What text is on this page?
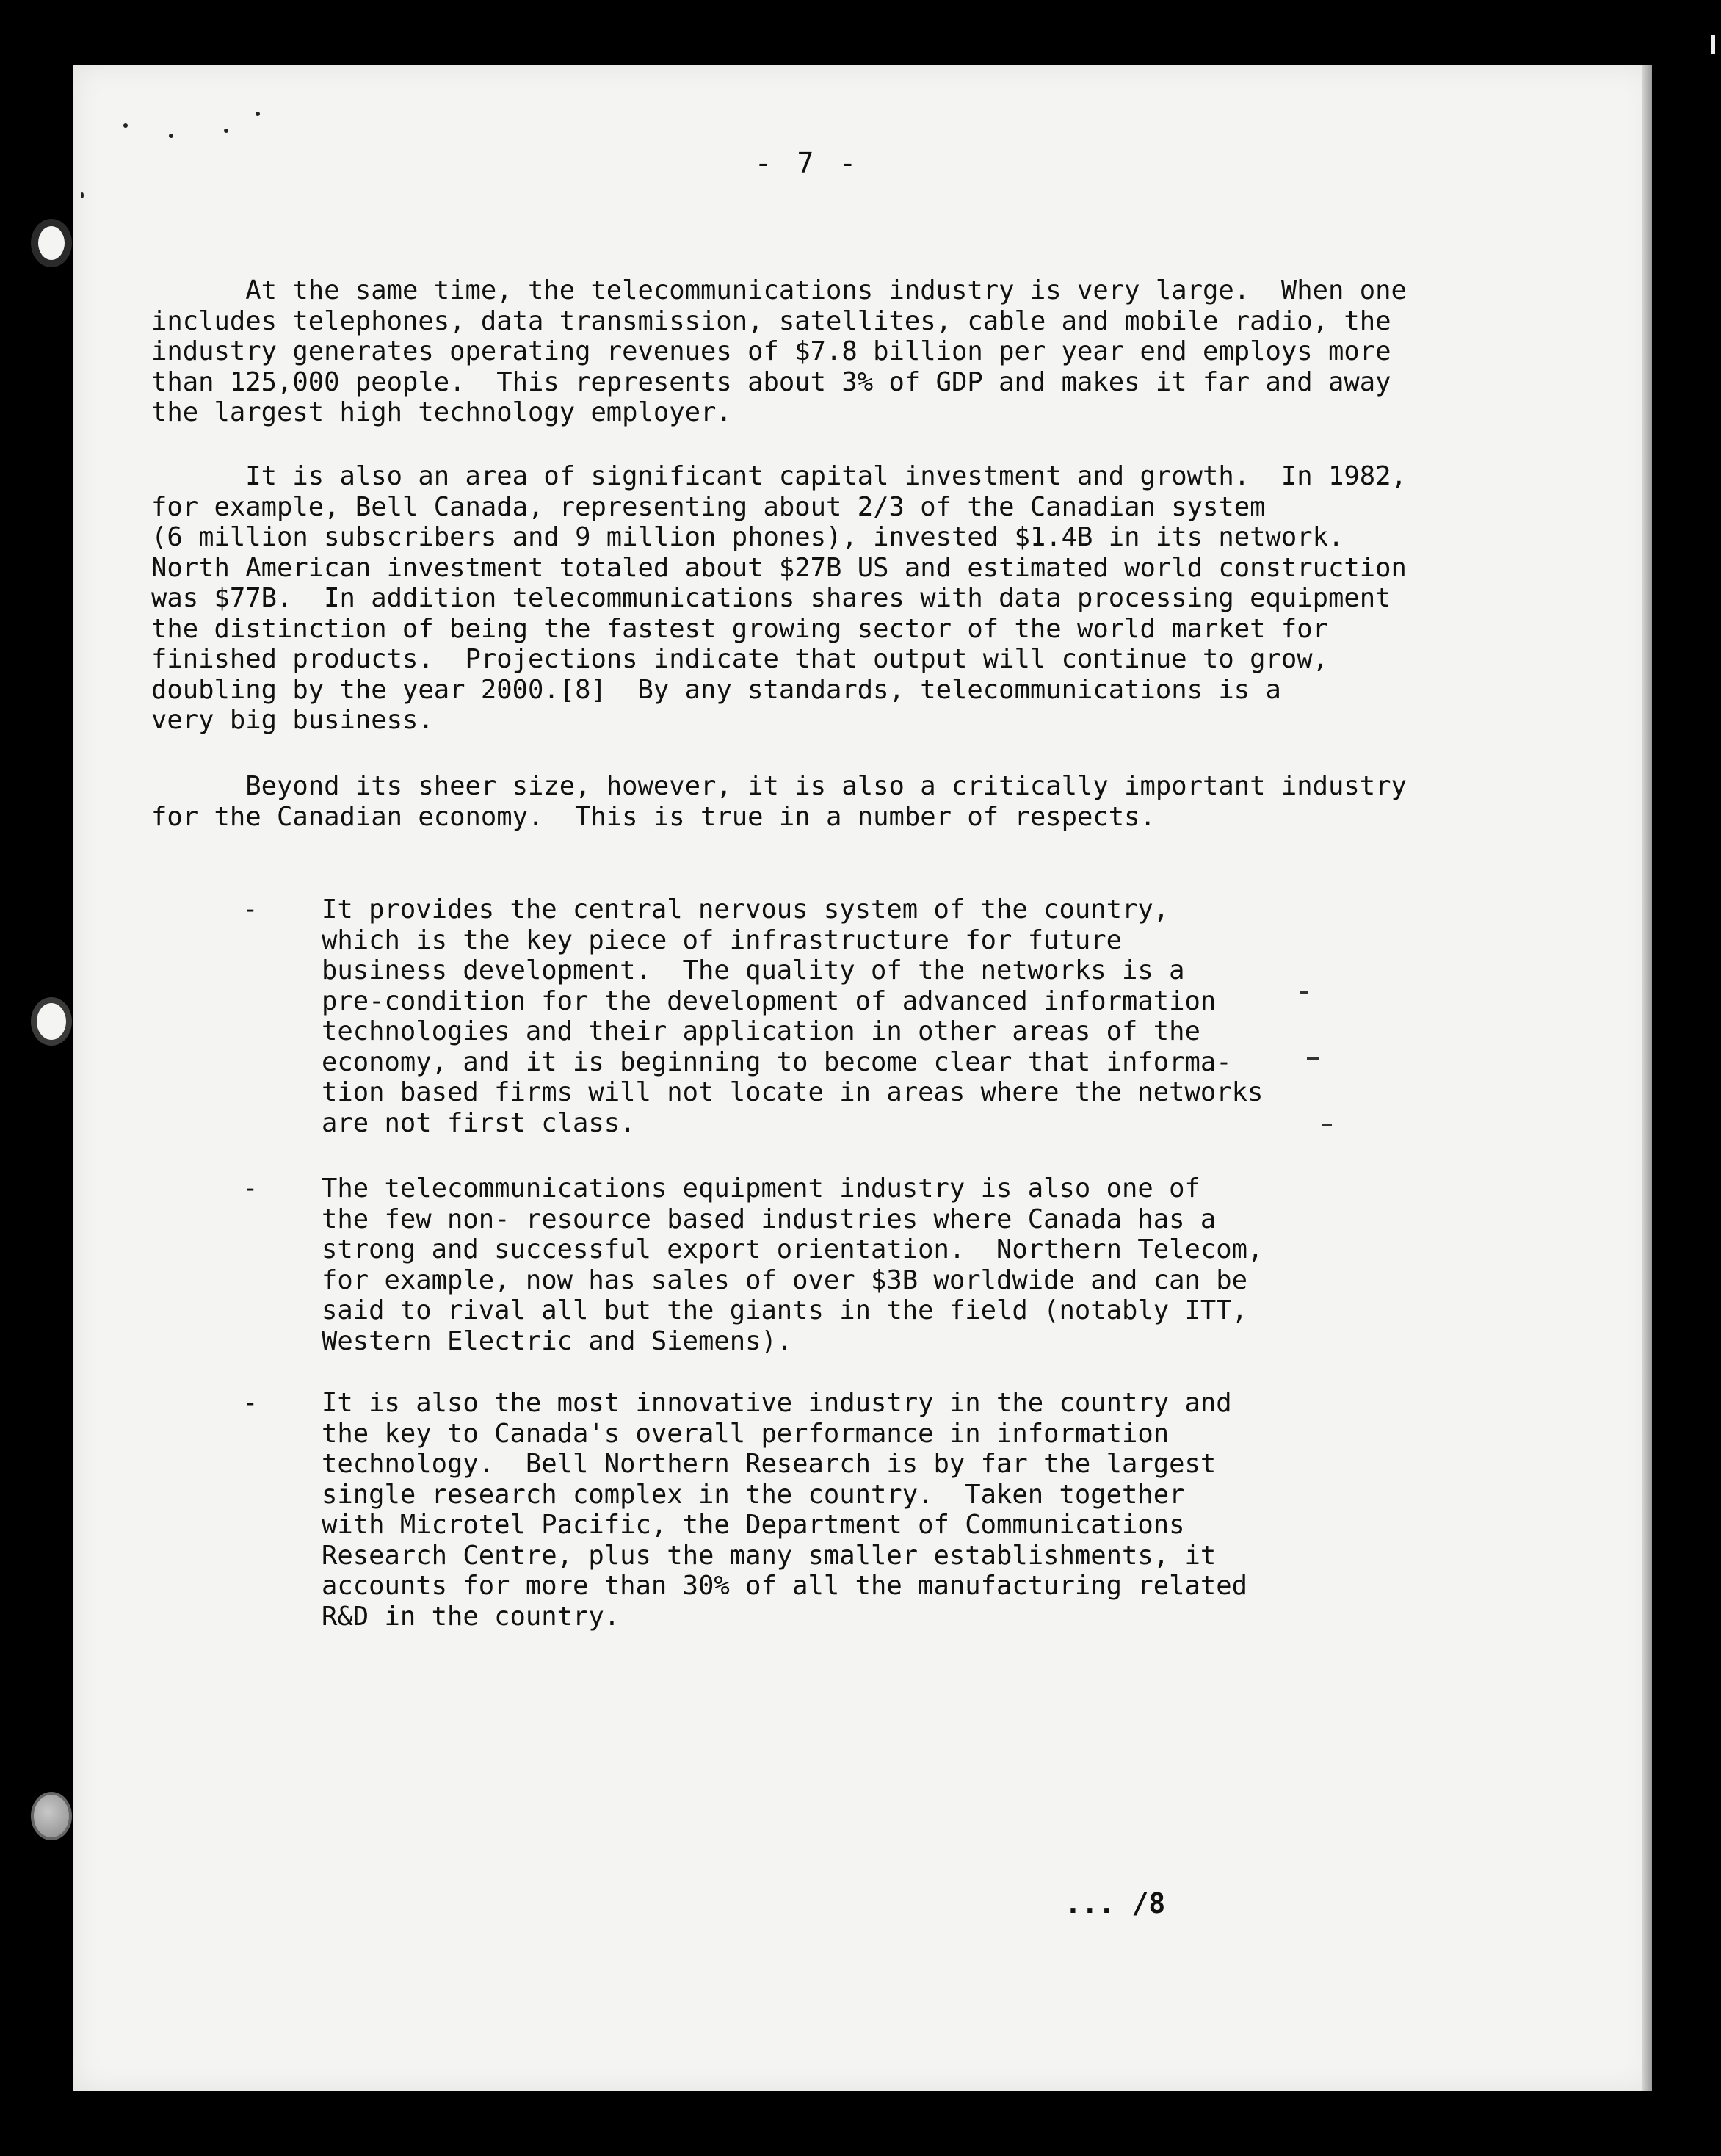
- 7 -
At the same time, the telecommunications industry is very large.  When one
includes telephones, data transmission, satellites, cable and mobile radio, the
industry generates operating revenues of $7.8 billion per year end employs more
than 125,000 people.  This represents about 3% of GDP and makes it far and away
the largest high technology employer.
It is also an area of significant capital investment and growth.  In 1982,
for example, Bell Canada, representing about 2/3 of the Canadian system
(6 million subscribers and 9 million phones), invested $1.4B in its network.
North American investment totaled about $27B US and estimated world construction
was $77B.  In addition telecommunications shares with data processing equipment
the distinction of being the fastest growing sector of the world market for
finished products.  Projections indicate that output will continue to grow,
doubling by the year 2000.[8]  By any standards, telecommunications is a
very big business.
Beyond its sheer size, however, it is also a critically important industry
for the Canadian economy.  This is true in a number of respects.
- It provides the central nervous system of the country,
which is the key piece of infrastructure for future
business development.  The quality of the networks is a
pre-condition for the development of advanced information
technologies and their application in other areas of the
economy, and it is beginning to become clear that informa-
tion based firms will not locate in areas where the networks
are not first class.
- The telecommunications equipment industry is also one of
the few non- resource based industries where Canada has a
strong and successful export orientation.  Northern Telecom,
for example, now has sales of over $3B worldwide and can be
said to rival all but the giants in the field (notably ITT,
Western Electric and Siemens).
- It is also the most innovative industry in the country and
the key to Canada's overall performance in information
technology.  Bell Northern Research is by far the largest
single research complex in the country.  Taken together
with Microtel Pacific, the Department of Communications
Research Centre, plus the many smaller establishments, it
accounts for more than 30% of all the manufacturing related
R&D in the country.
... /8
